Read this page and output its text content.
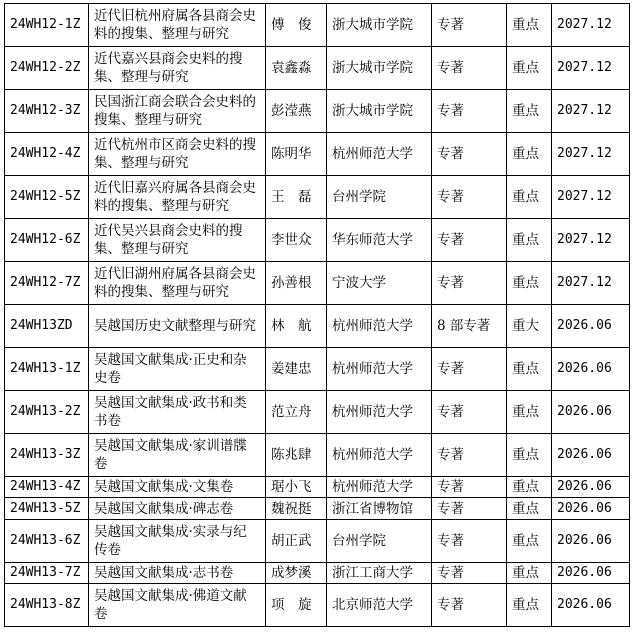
24WH12-1Z	近代旧杭州府属各县商会史料的搜集、整理与研究	傅　俊	浙大城市学院	专著	重点	2027.12
24WH12-2Z	近代嘉兴县商会史料的搜集、整理与研究	袁鑫淼	浙大城市学院	专著	重点	2027.12
24WH12-3Z	民国浙江商会联合会史料的搜集、整理与研究	彭滢燕	浙大城市学院	专著	重点	2027.12
24WH12-4Z	近代杭州市区商会史料的搜集、整理与研究	陈明华	杭州师范大学	专著	重点	2027.12
24WH12-5Z	近代旧嘉兴府属各县商会史料的搜集、整理与研究	王　磊	台州学院	专著	重点	2027.12
24WH12-6Z	近代吴兴县商会史料的搜集、整理与研究	李世众	华东师范大学	专著	重点	2027.12
24WH12-7Z	近代旧湖州府属各县商会史料的搜集、整理与研究	孙善根	宁波大学	专著	重点	2027.12
24WH13ZD	吴越国历史文献整理与研究	林　航	杭州师范大学	8 部专著	重大	2026.06
24WH13-1Z	吴越国文献集成·正史和杂史卷	姜建忠	杭州师范大学	专著	重点	2026.06
24WH13-2Z	吴越国文献集成·政书和类书卷	范立舟	杭州师范大学	专著	重点	2026.06
24WH13-3Z	吴越国文献集成·家训谱牒卷	陈兆肆	杭州师范大学	专著	重点	2026.06
24WH13-4Z	吴越国文献集成·文集卷	琚小飞	杭州师范大学	专著	重点	2026.06
24WH13-5Z	吴越国文献集成·碑志卷	魏祝挺	浙江省博物馆	专著	重点	2026.06
24WH13-6Z	吴越国文献集成·实录与纪传卷	胡正武	台州学院	专著	重点	2026.06
24WH13-7Z	吴越国文献集成·志书卷	成梦溪	浙江工商大学	专著	重点	2026.06
24WH13-8Z	吴越国文献集成·佛道文献卷	项　旋	北京师范大学	专著	重点	2026.06
